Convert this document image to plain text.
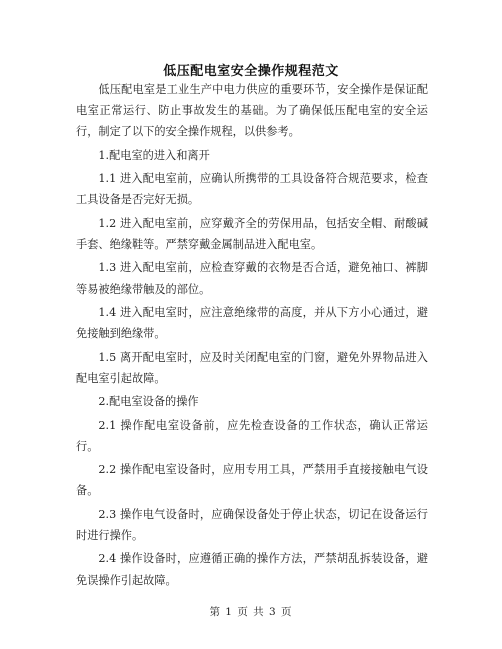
低压配电室安全操作规程范文

低压配电室是工业生产中电力供应的重要环节，安全操作是保证配电室正常运行、防止事故发生的基础。为了确保低压配电室的安全运行，制定了以下的安全操作规程，以供参考。

1.配电室的进入和离开

1.1 进入配电室前，应确认所携带的工具设备符合规范要求，检查工具设备是否完好无损。

1.2 进入配电室前，应穿戴齐全的劳保用品，包括安全帽、耐酸碱手套、绝缘鞋等。严禁穿戴金属制品进入配电室。

1.3 进入配电室前，应检查穿戴的衣物是否合适，避免袖口、裤脚等易被绝缘带触及的部位。

1.4 进入配电室时，应注意绝缘带的高度，并从下方小心通过，避免接触到绝缘带。

1.5 离开配电室时，应及时关闭配电室的门窗，避免外界物品进入配电室引起故障。

2.配电室设备的操作

2.1 操作配电室设备前，应先检查设备的工作状态，确认正常运行。

2.2 操作配电室设备时，应用专用工具，严禁用手直接接触电气设备。

2.3 操作电气设备时，应确保设备处于停止状态，切记在设备运行时进行操作。

2.4 操作设备时，应遵循正确的操作方法，严禁胡乱拆装设备，避免误操作引起故障。

第 1 页 共 3 页
